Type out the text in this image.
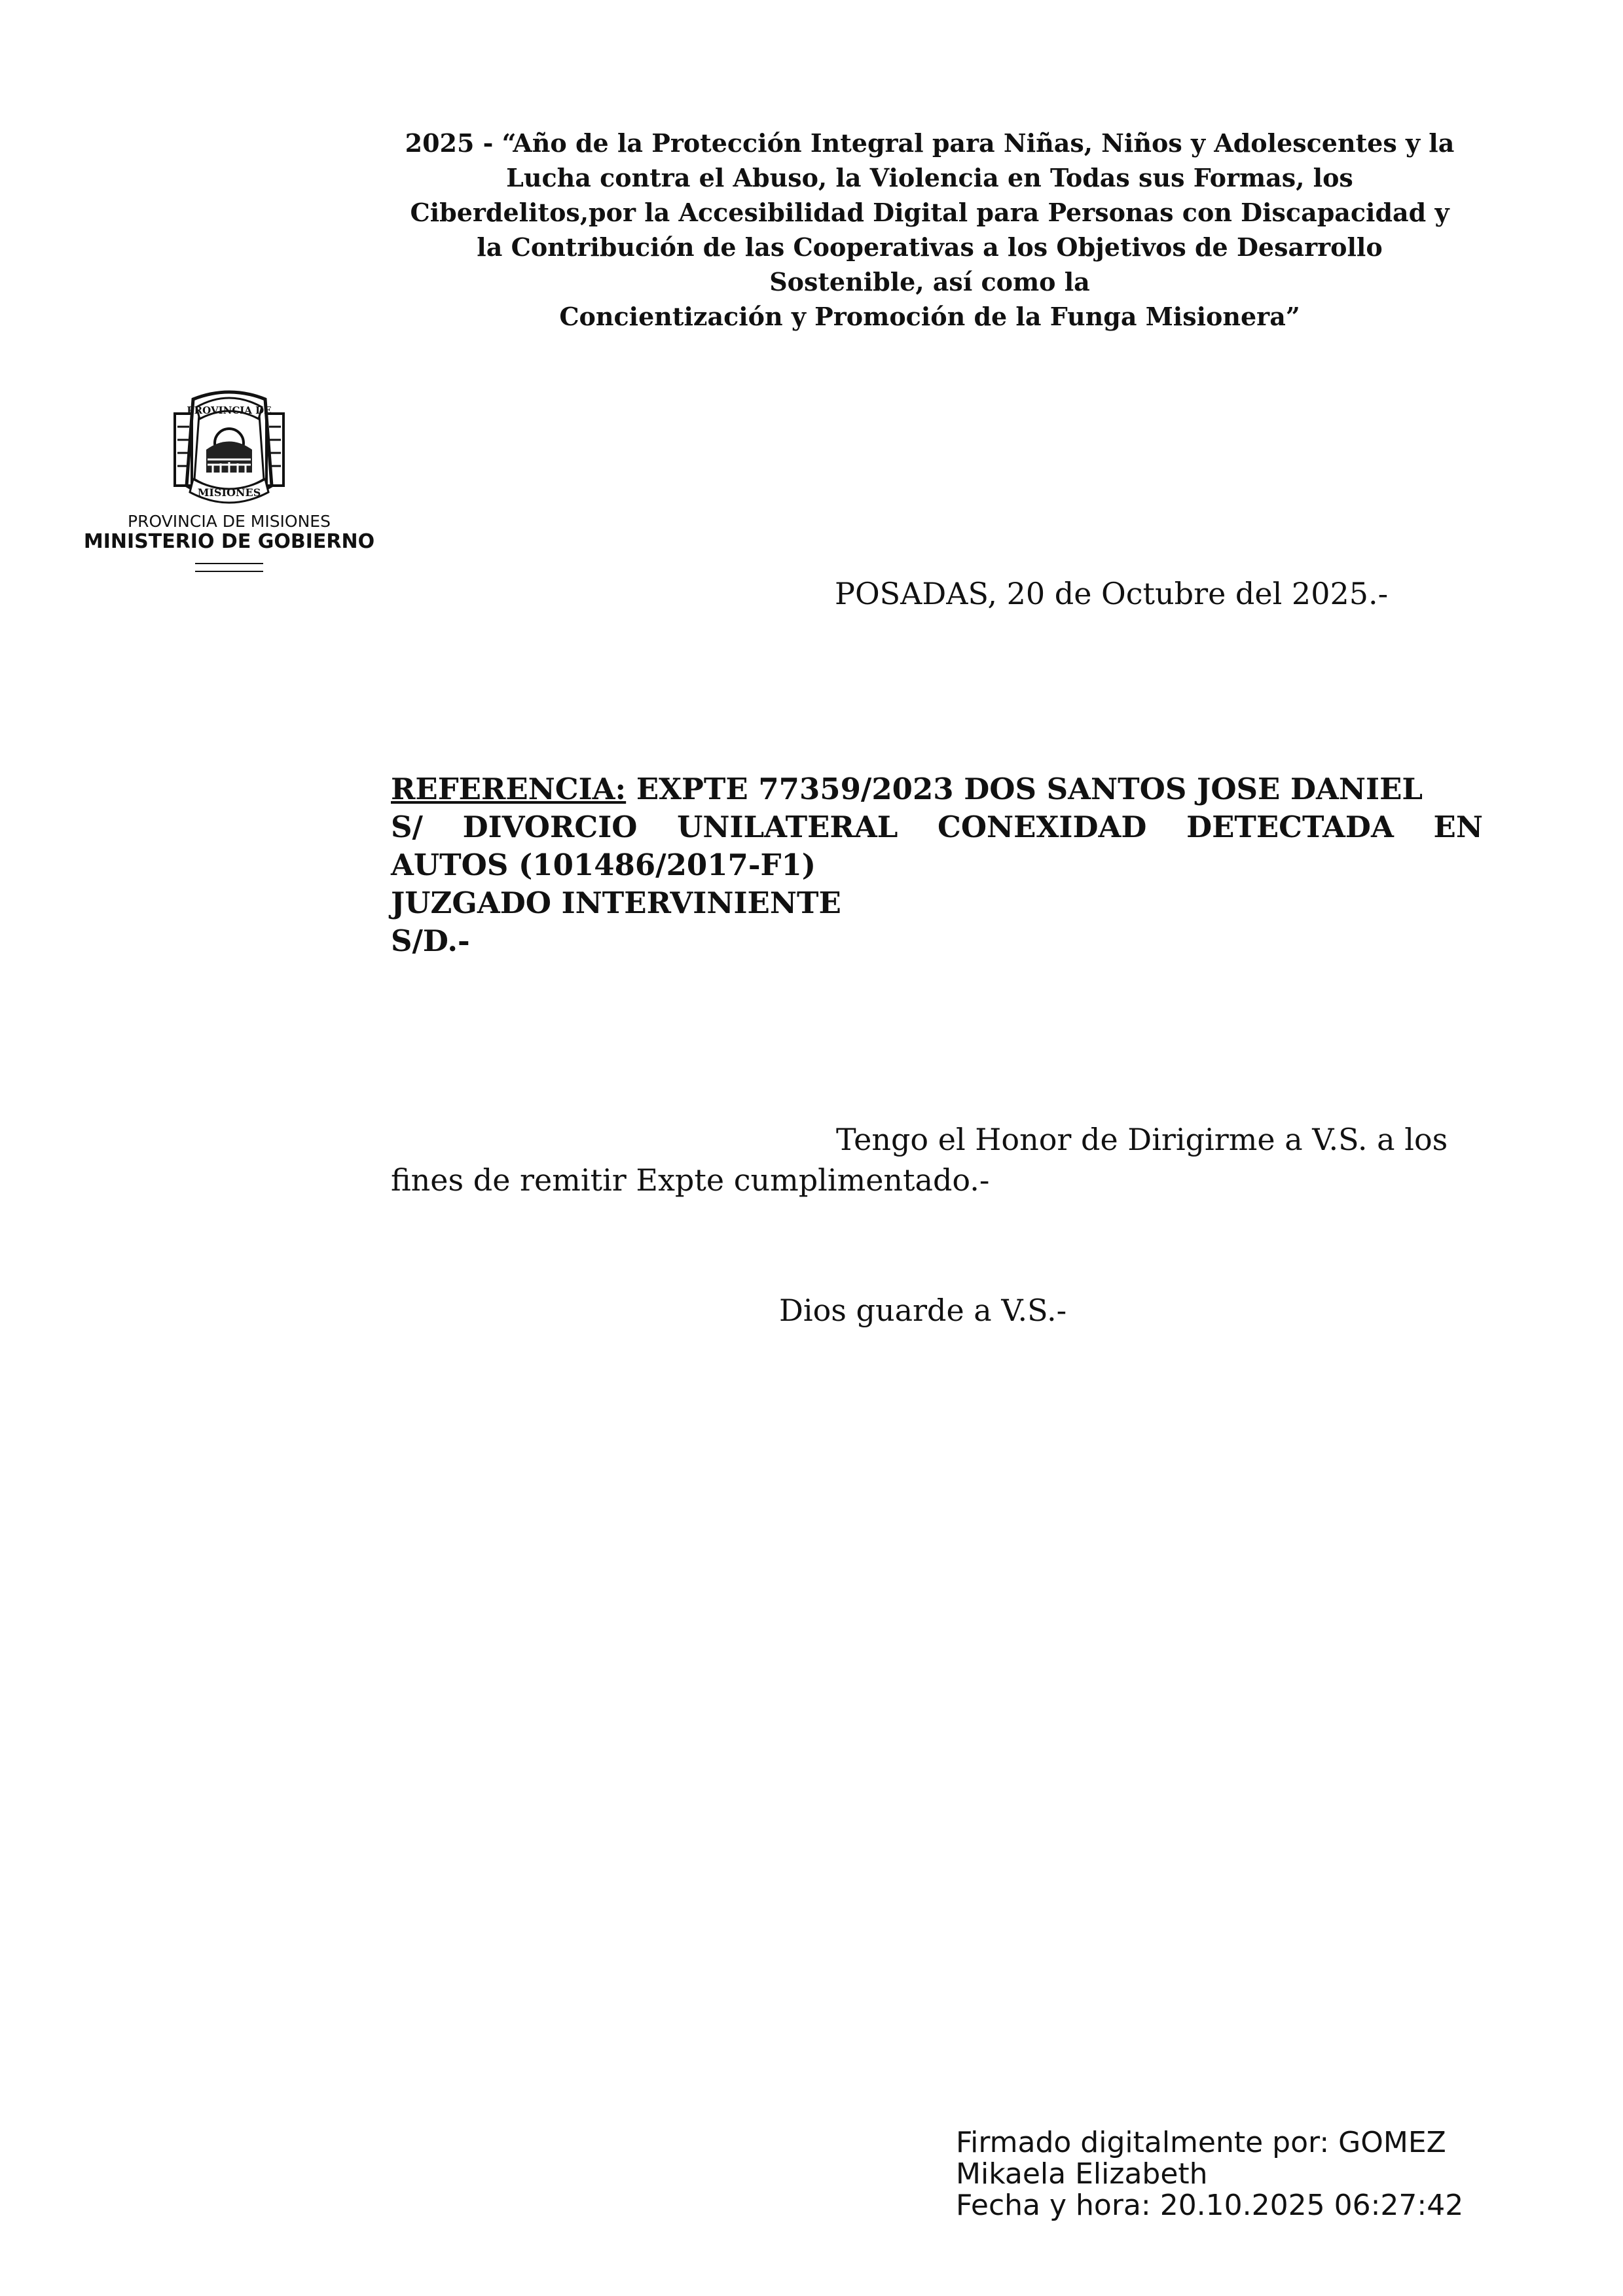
2025 - “Año de la Protección Integral para Niñas, Niños y Adolescentes y la
Lucha contra el Abuso, la Violencia en Todas sus Formas, los
Ciberdelitos,por la Accesibilidad Digital para Personas con Discapacidad y
la Contribución de las Cooperativas a los Objetivos de Desarrollo
Sostenible, así como la
Concientización y Promoción de la Funga Misionera”
PROVINCIA DE
MISIONES
PROVINCIA DE MISIONES
MINISTERIO DE GOBIERNO
POSADAS, 20 de Octubre del 2025.-
REFERENCIA: EXPTE 77359/2023 DOS SANTOS JOSE DANIEL
S/ DIVORCIO UNILATERAL CONEXIDAD DETECTADA EN
AUTOS (101486/2017-F1)
JUZGADO INTERVINIENTE
S/D.-
Tengo el Honor de Dirigirme a V.S. a los
fines de remitir Expte cumplimentado.-
Dios guarde a V.S.-
Firmado digitalmente por: GOMEZ
Mikaela Elizabeth
Fecha y hora: 20.10.2025 06:27:42
